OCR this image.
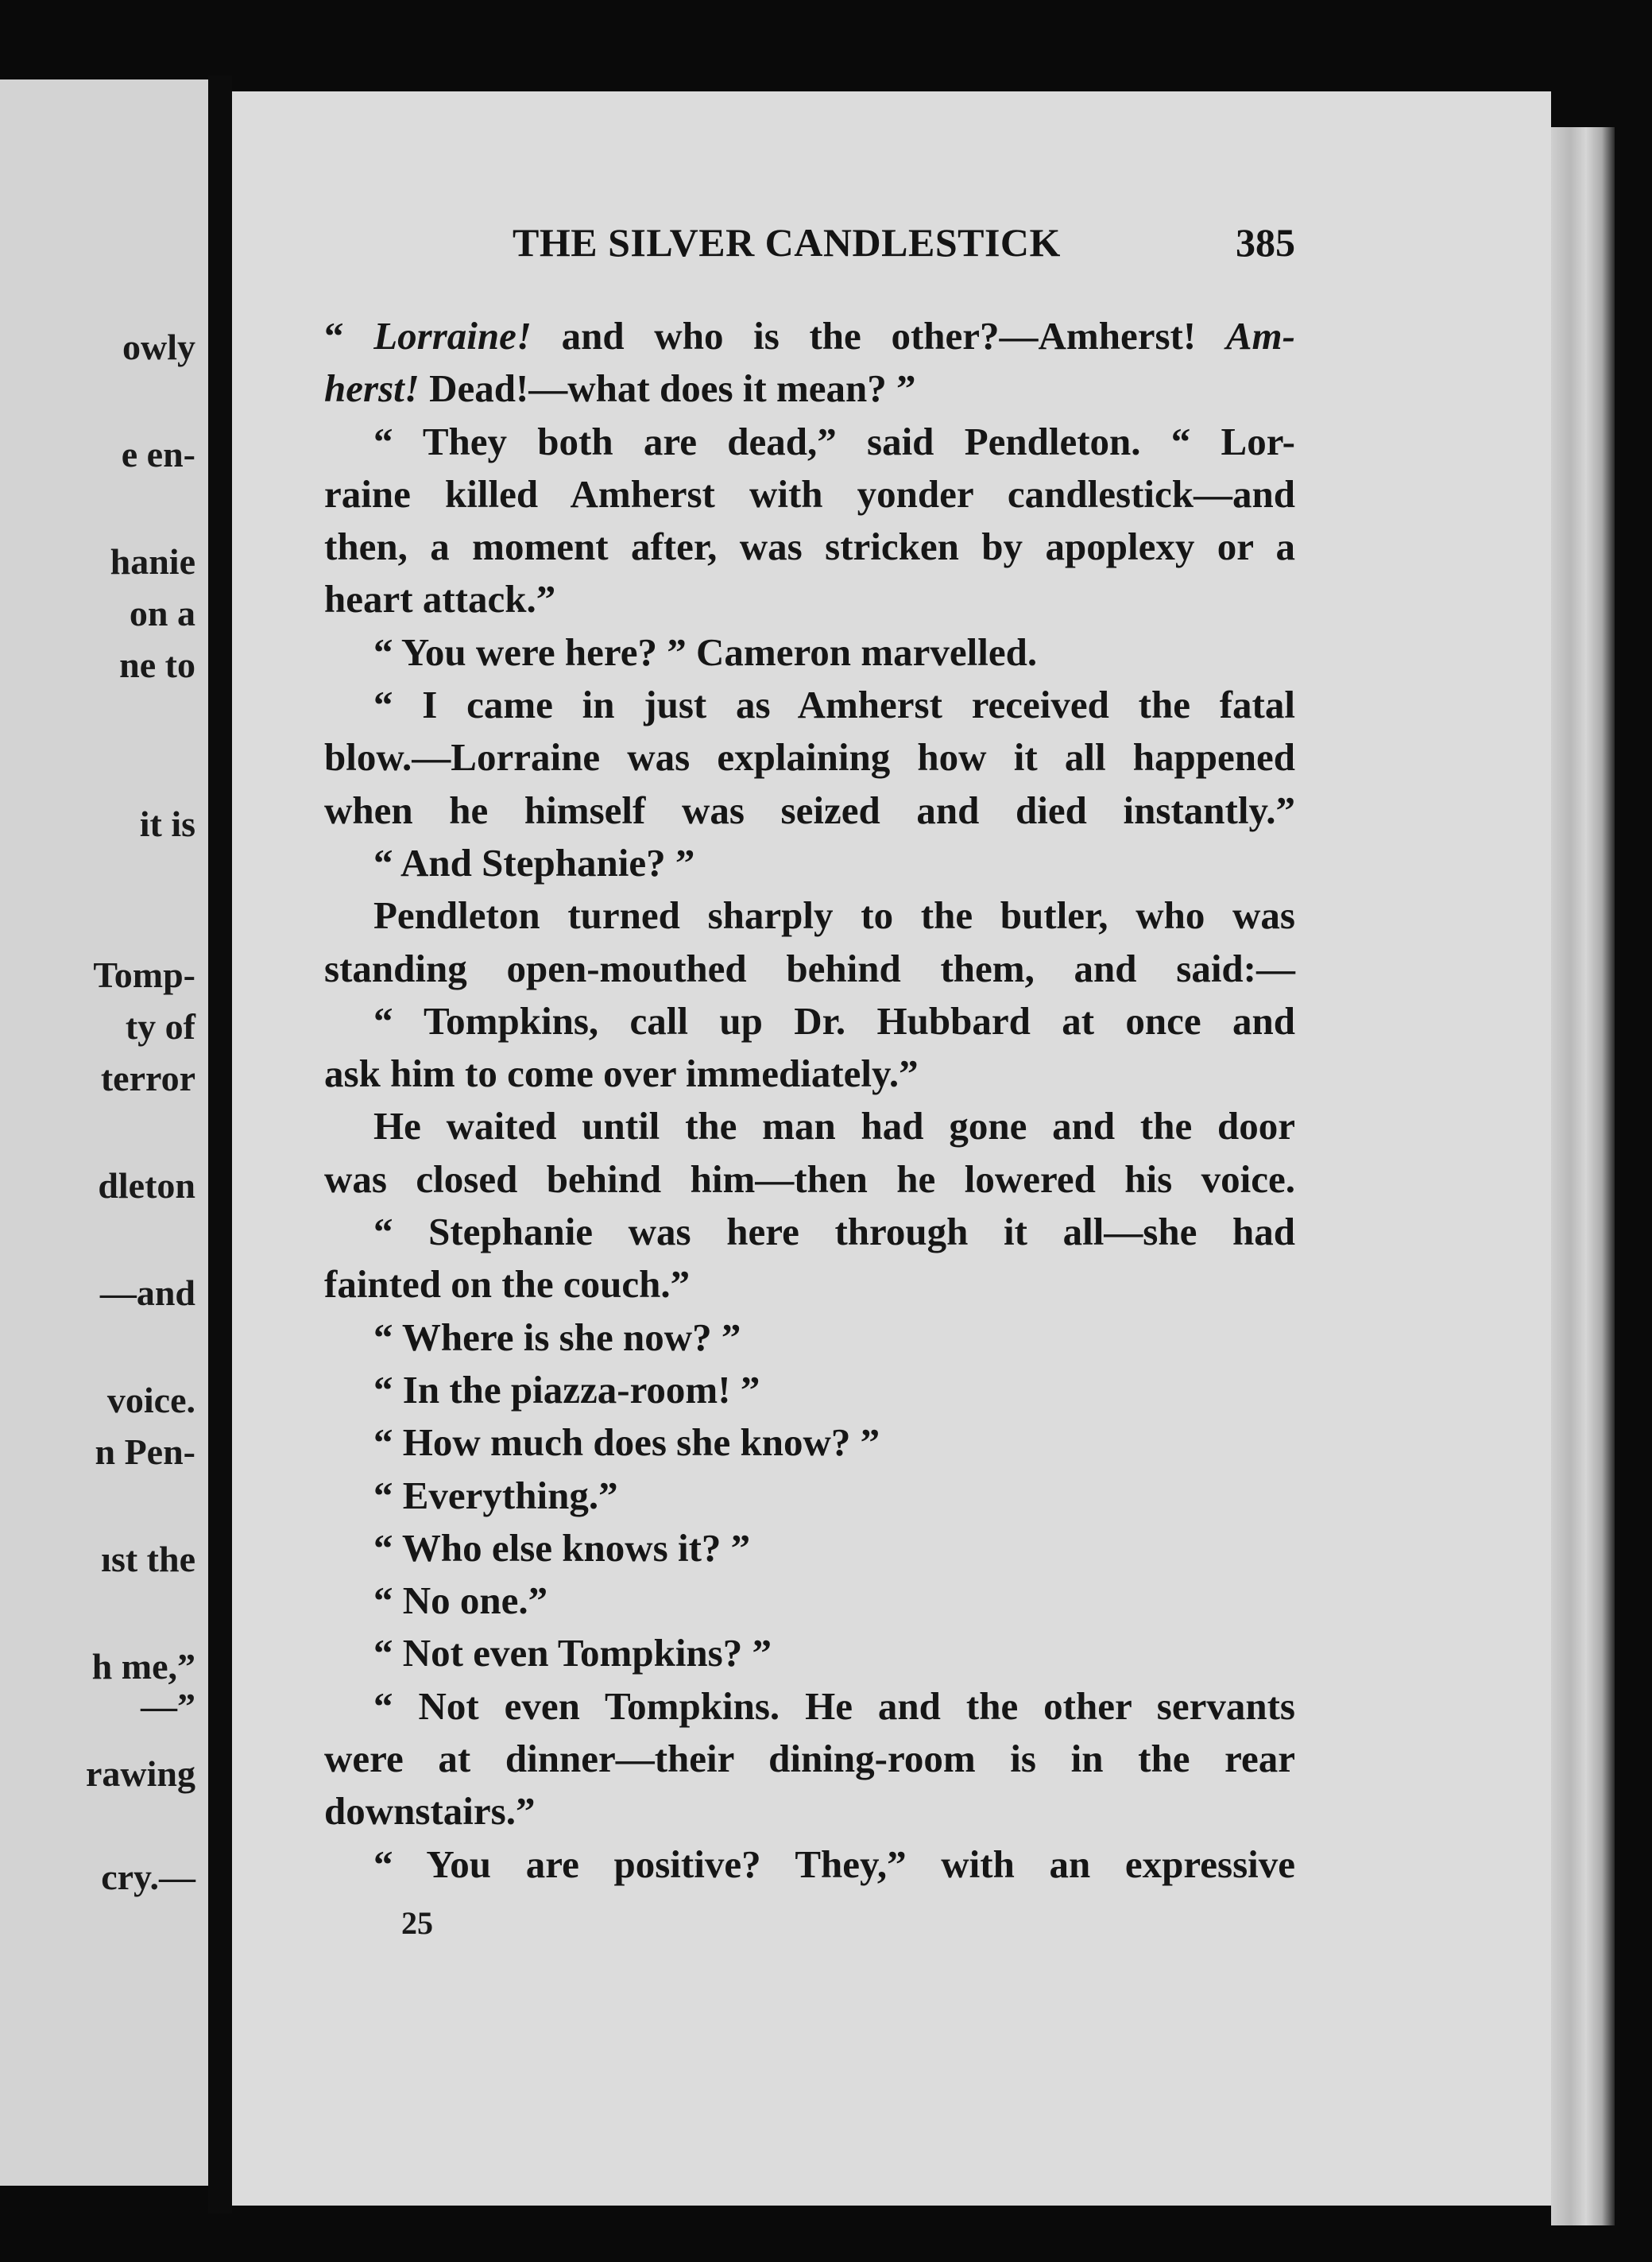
owly
e en-
hanie
on a
ne to
it is
Tomp-
ty of
terror
dleton
—and
voice.
n Pen-
ıst the
h me,”
—”
rawing
cry.—
THE SILVER CANDLESTICK	385
“ Lorraine! and who is the other?—Amherst! Am-
herst! Dead!—what does it mean? ”
“ They both are dead,” said Pendleton. “ Lor-
raine killed Amherst with yonder candlestick—and
then, a moment after, was stricken by apoplexy or a
heart attack.”
“ You were here? ” Cameron marvelled.
“ I came in just as Amherst received the fatal
blow.—Lorraine was explaining how it all happened
when he himself was seized and died instantly.”
“ And Stephanie? ”
Pendleton turned sharply to the butler, who was
standing open-mouthed behind them, and said:—
“ Tompkins, call up Dr. Hubbard at once and
ask him to come over immediately.”
He waited until the man had gone and the door
was closed behind him—then he lowered his voice.
“ Stephanie was here through it all—she had
fainted on the couch.”
“ Where is she now? ”
“ In the piazza-room! ”
“ How much does she know? ”
“ Everything.”
“ Who else knows it? ”
“ No one.”
“ Not even Tompkins? ”
“ Not even Tompkins. He and the other servants
were at dinner—their dining-room is in the rear
downstairs.”
“ You are positive? They,” with an expressive
25
